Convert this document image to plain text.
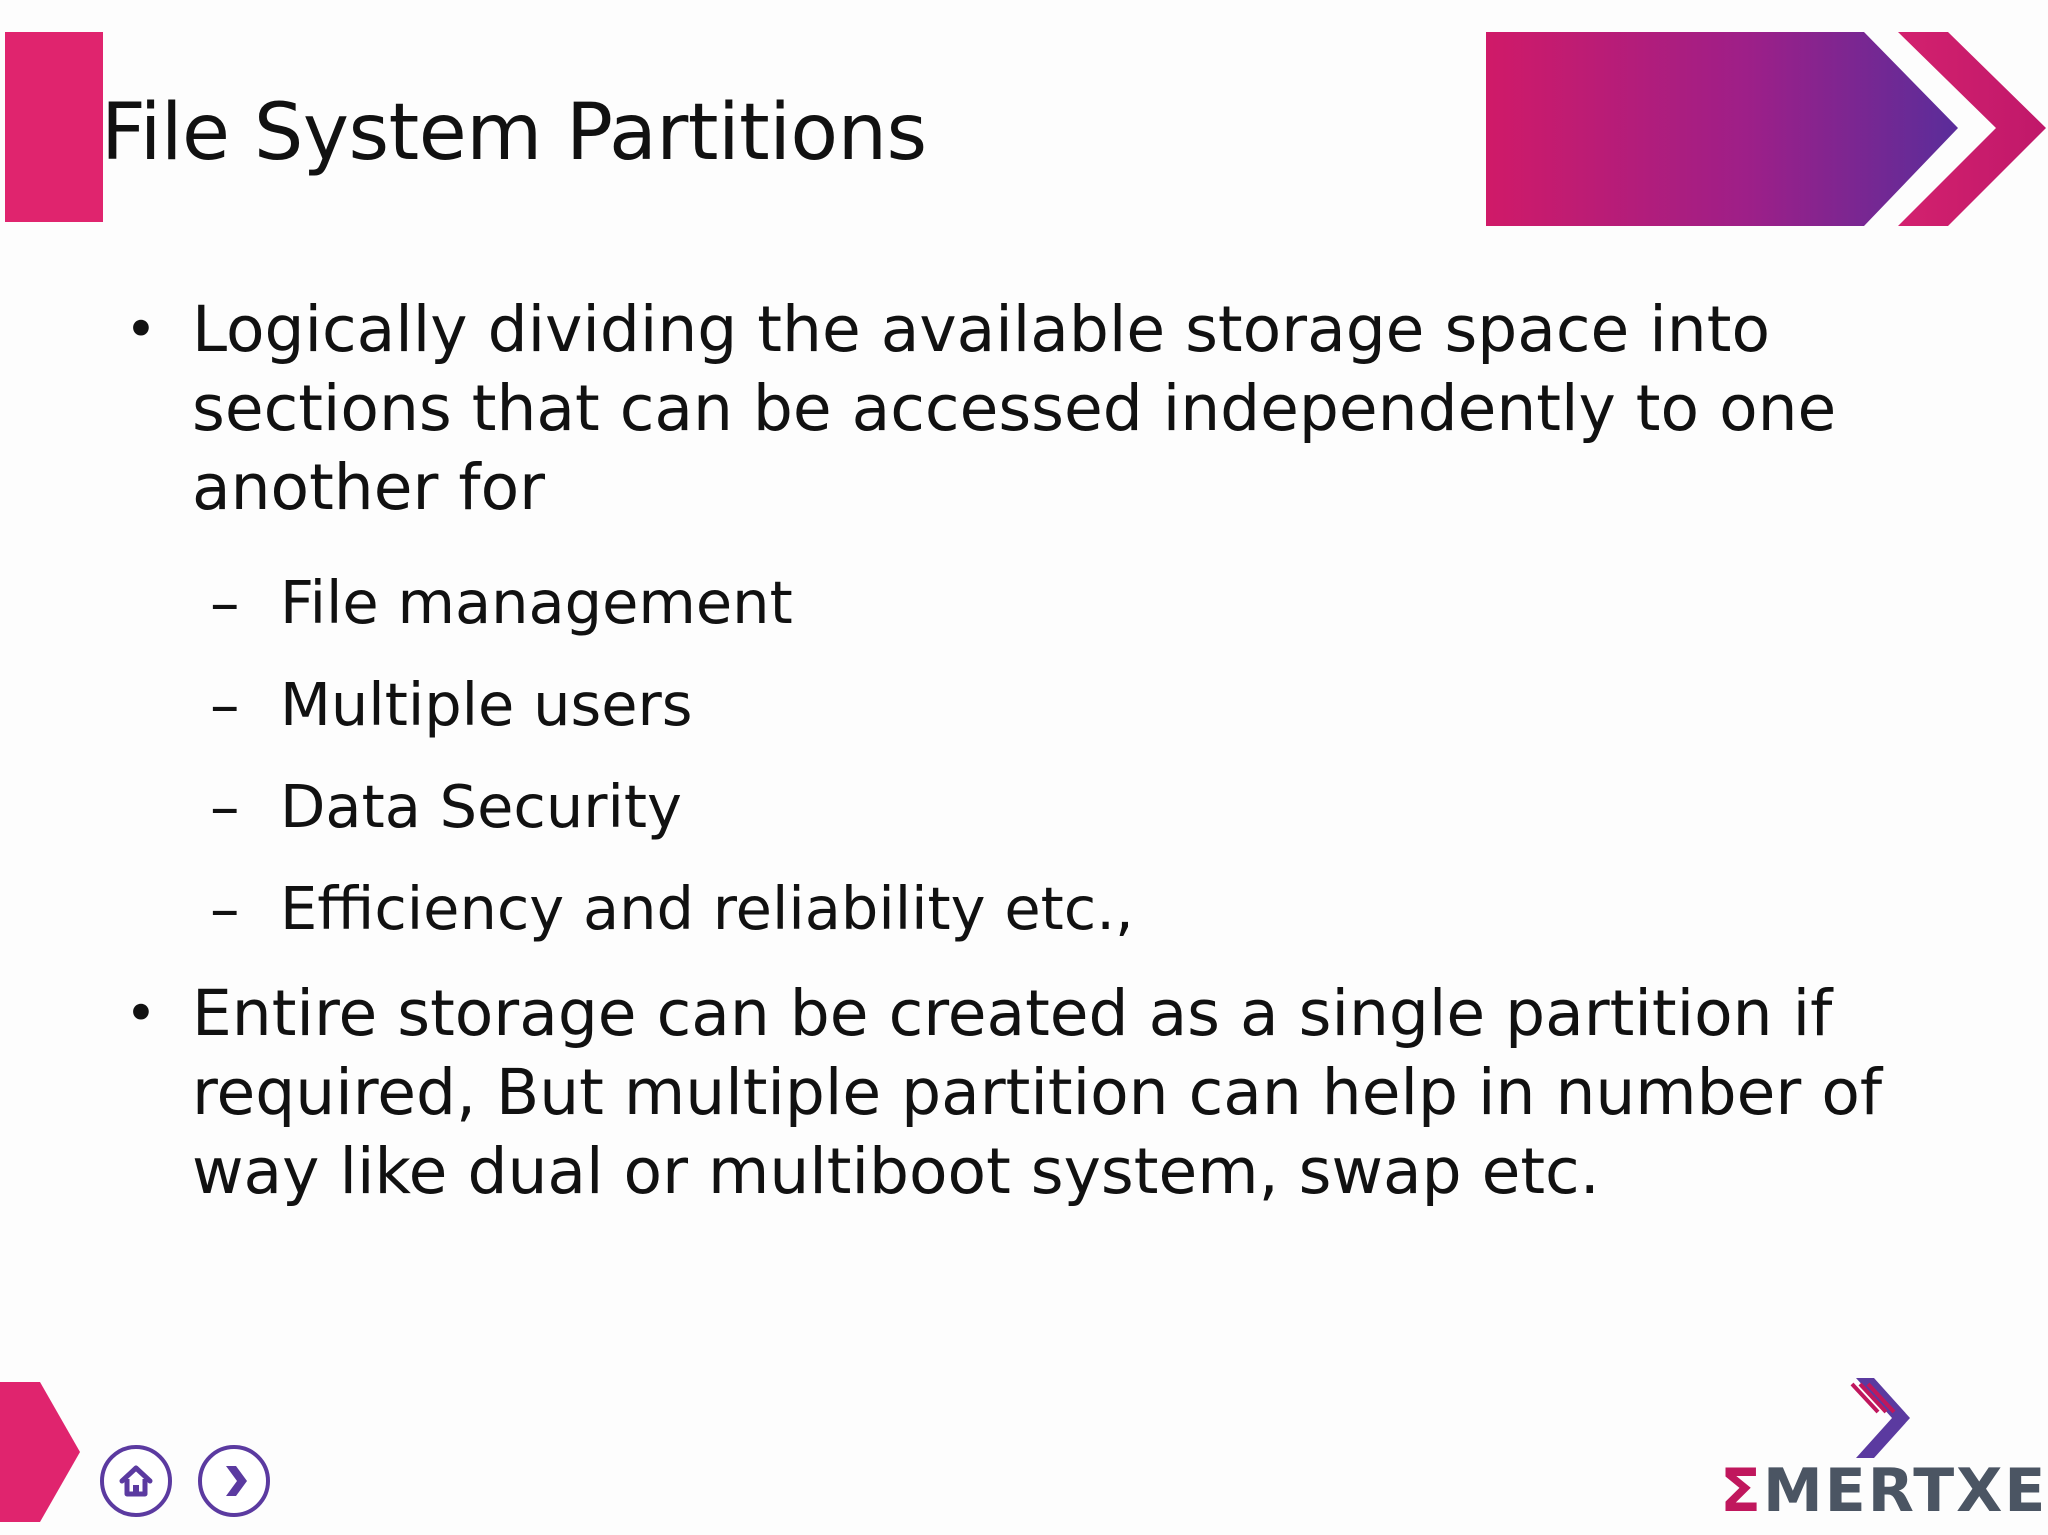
File System Partitions

• Logically dividing the available storage space into sections that can be accessed independently to one another for

– File management
– Multiple users
– Data Security
– Efficiency and reliability etc.,

• Entire storage can be created as a single partition if required, But multiple partition can help in number of way like dual or multiboot system, swap etc.

ΣMERTXE
